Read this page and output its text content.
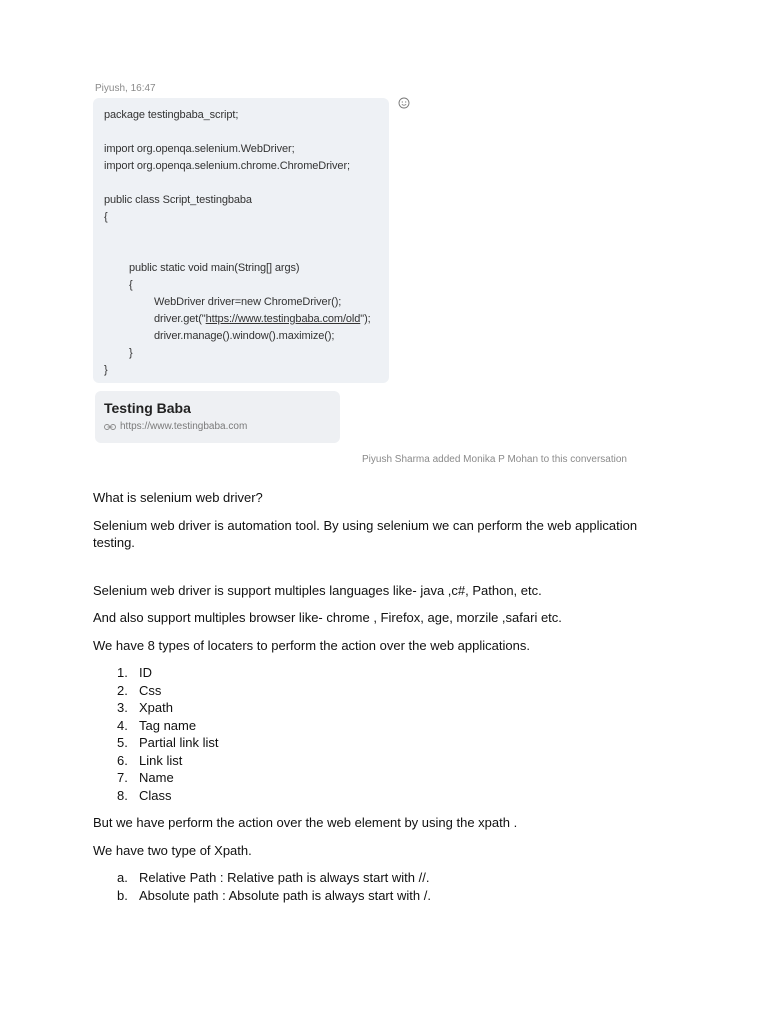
Piyush, 16:47
package testingbaba_script;
import org.openqa.selenium.WebDriver;
import org.openqa.selenium.chrome.ChromeDriver;
public class Script_testingbaba
{
public static void main(String[] args)
{
WebDriver driver=new ChromeDriver();
driver.get("https://www.testingbaba.com/old");
driver.manage().window().maximize();
}
}
Testing Baba
https://www.testingbaba.com
Piyush Sharma added Monika P Mohan to this conversation

What is selenium web driver?

Selenium web driver is automation tool. By using selenium we can perform the web application testing.

Selenium web driver is support multiples languages like- java ,c#, Pathon, etc.

And also support multiples browser like- chrome , Firefox, age, morzile ,safari etc.

We have 8 types of locaters to perform the action over the web applications.

1. ID
2. Css
3. Xpath
4. Tag name
5. Partial link list
6. Link list
7. Name
8. Class

But we have perform the action over the web element by using the xpath .

We have two type of Xpath.

a. Relative Path : Relative path is always start with //.
b. Absolute path : Absolute path is always start with /.
